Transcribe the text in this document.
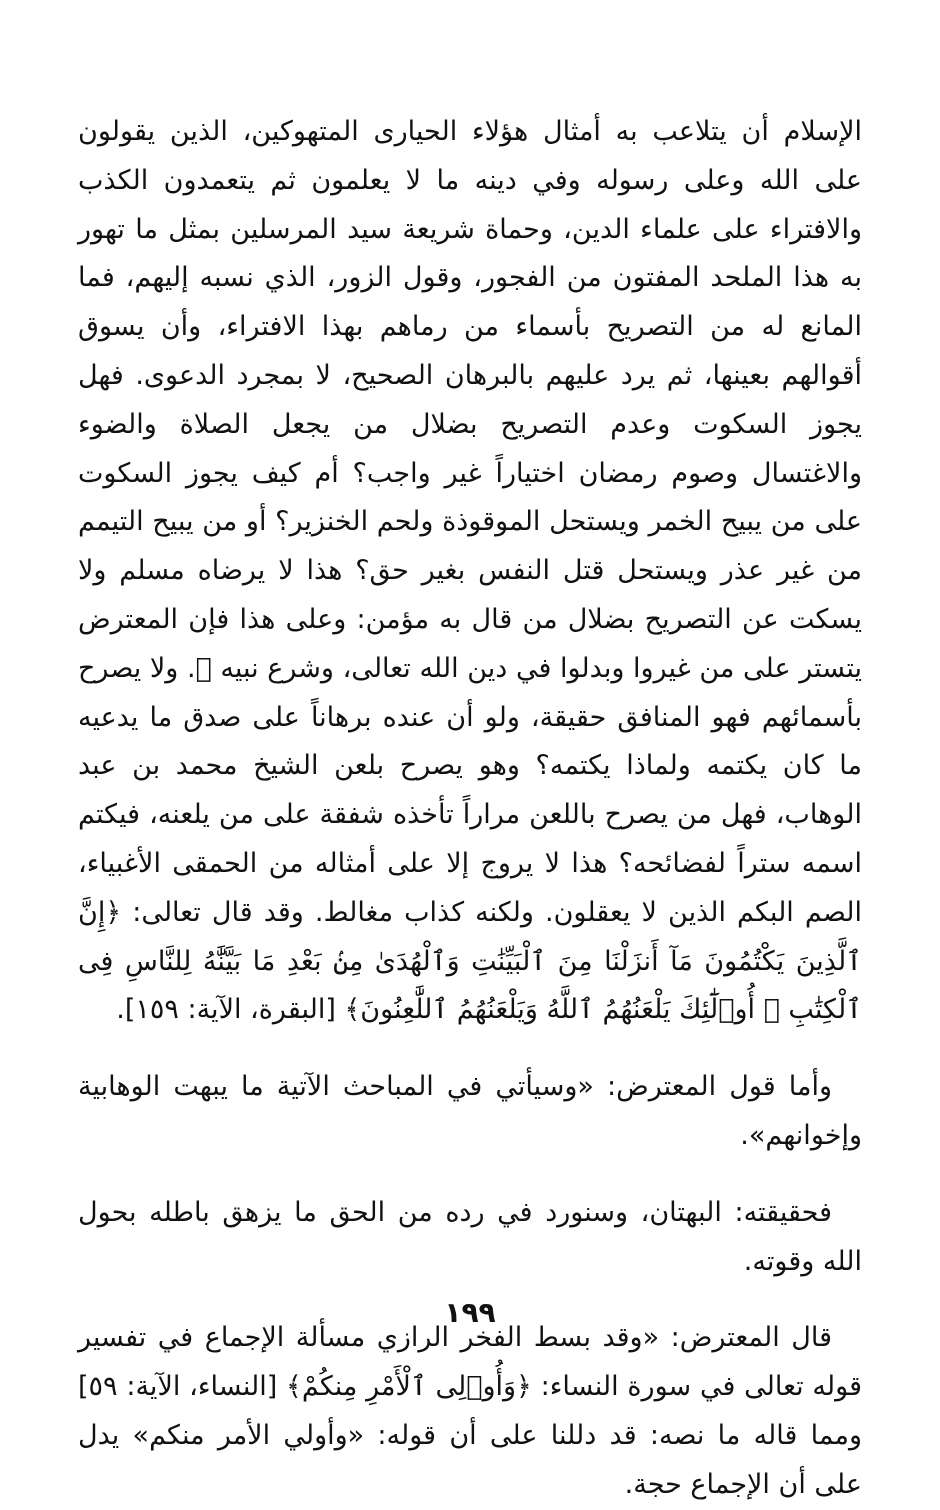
الإسلام أن يتلاعب به أمثال هؤلاء الحيارى المتهوكين، الذين يقولون على الله وعلى رسوله وفي دينه ما لا يعلمون ثم يتعمدون الكذب والافتراء على علماء الدين، وحماة شريعة سيد المرسلين بمثل ما تهور به هذا الملحد المفتون من الفجور، وقول الزور، الذي نسبه إليهم، فما المانع له من التصريح بأسماء من رماهم بهذا الافتراء، وأن يسوق أقوالهم بعينها، ثم يرد عليهم بالبرهان الصحيح، لا بمجرد الدعوى. فهل يجوز السكوت وعدم التصريح بضلال من يجعل الصلاة والضوء والاغتسال وصوم رمضان اختياراً غير واجب؟ أم كيف يجوز السكوت على من يبيح الخمر ويستحل الموقوذة ولحم الخنزير؟ أو من يبيح التيمم من غير عذر ويستحل قتل النفس بغير حق؟ هذا لا يرضاه مسلم ولا يسكت عن التصريح بضلال من قال به مؤمن: وعلى هذا فإن المعترض يتستر على من غيروا وبدلوا في دين الله تعالى، وشرع نبيه ﷺ. ولا يصرح بأسمائهم فهو المنافق حقيقة، ولو أن عنده برهاناً على صدق ما يدعيه ما كان يكتمه ولماذا يكتمه؟ وهو يصرح بلعن الشيخ محمد بن عبد الوهاب، فهل من يصرح باللعن مراراً تأخذه شفقة على من يلعنه، فيكتم اسمه ستراً لفضائحه؟ هذا لا يروج إلا على أمثاله من الحمقى الأغبياء، الصم البكم الذين لا يعقلون. ولكنه كذاب مغالط. وقد قال تعالى: ﴿إِنَّ ٱلَّذِينَ يَكْتُمُونَ مَآ أَنزَلْنَا مِنَ ٱلْبَيِّنَٰتِ وَٱلْهُدَىٰ مِنۢ بَعْدِ مَا بَيَّنَّٰهُ لِلنَّاسِ فِى ٱلْكِتَٰبِ ۙ أُو۟لَٰٓئِكَ يَلْعَنُهُمُ ٱللَّهُ وَيَلْعَنُهُمُ ٱللَّٰعِنُونَ﴾ [البقرة، الآية: ١٥٩].

وأما قول المعترض: «وسيأتي في المباحث الآتية ما يبهت الوهابية وإخوانهم».

فحقيقته: البهتان، وسنورد في رده من الحق ما يزهق باطله بحول الله وقوته.

قال المعترض: «وقد بسط الفخر الرازي مسألة الإجماع في تفسير قوله تعالى في سورة النساء: ﴿وَأُو۟لِى ٱلْأَمْرِ مِنكُمْ﴾ [النساء، الآية: ٥٩] ومما قاله ما نصه: قد دللنا على أن قوله: «وأولي الأمر منكم» يدل على أن الإجماع حجة.

١٩٩
